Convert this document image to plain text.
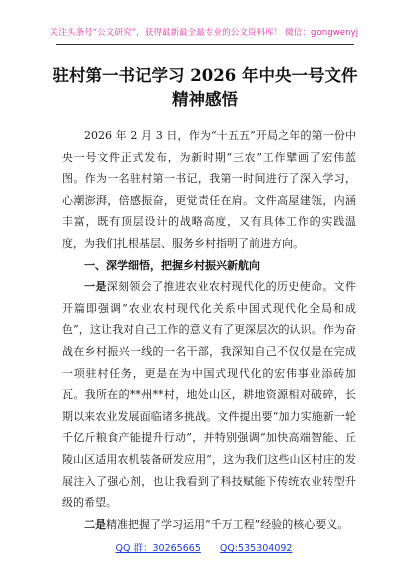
关注头条号“公文研究”，获得最新最全最专业的公文资料库！ 微信：gongwenyj
驻村第一书记学习 2026 年中央一号文件
精神感悟

2026 年 2 月 3 日，作为“十五五”开局之年的第一份中央一号文件正式发布，为新时期“三农”工作擘画了宏伟蓝图。作为一名驻村第一书记，我第一时间进行了深入学习，心潮澎湃，倍感振奋，更觉责任在肩。文件高屋建瓴，内涵丰富，既有顶层设计的战略高度，又有具体工作的实践温度，为我们扎根基层、服务乡村指明了前进方向。

一、深学细悟，把握乡村振兴新航向

一是深刻领会了推进农业农村现代化的历史使命。文件开篇即强调“农业农村现代化关系中国式现代化全局和成色”，这让我对自己工作的意义有了更深层次的认识。作为奋战在乡村振兴一线的一名干部，我深知自己不仅仅是在完成一项驻村任务，更是在为中国式现代化的宏伟事业添砖加瓦。我所在的**州**村，地处山区，耕地资源相对破碎，长期以来农业发展面临诸多挑战。文件提出要“加力实施新一轮千亿斤粮食产能提升行动”，并特别强调“加快高端智能、丘陵山区适用农机装备研发应用”，这为我们这些山区村庄的发展注入了强心剂，也让我看到了科技赋能下传统农业转型升级的希望。

二是精准把握了学习运用“千万工程”经验的核心要义。

QQ 群：30265665 QQ:535304092
